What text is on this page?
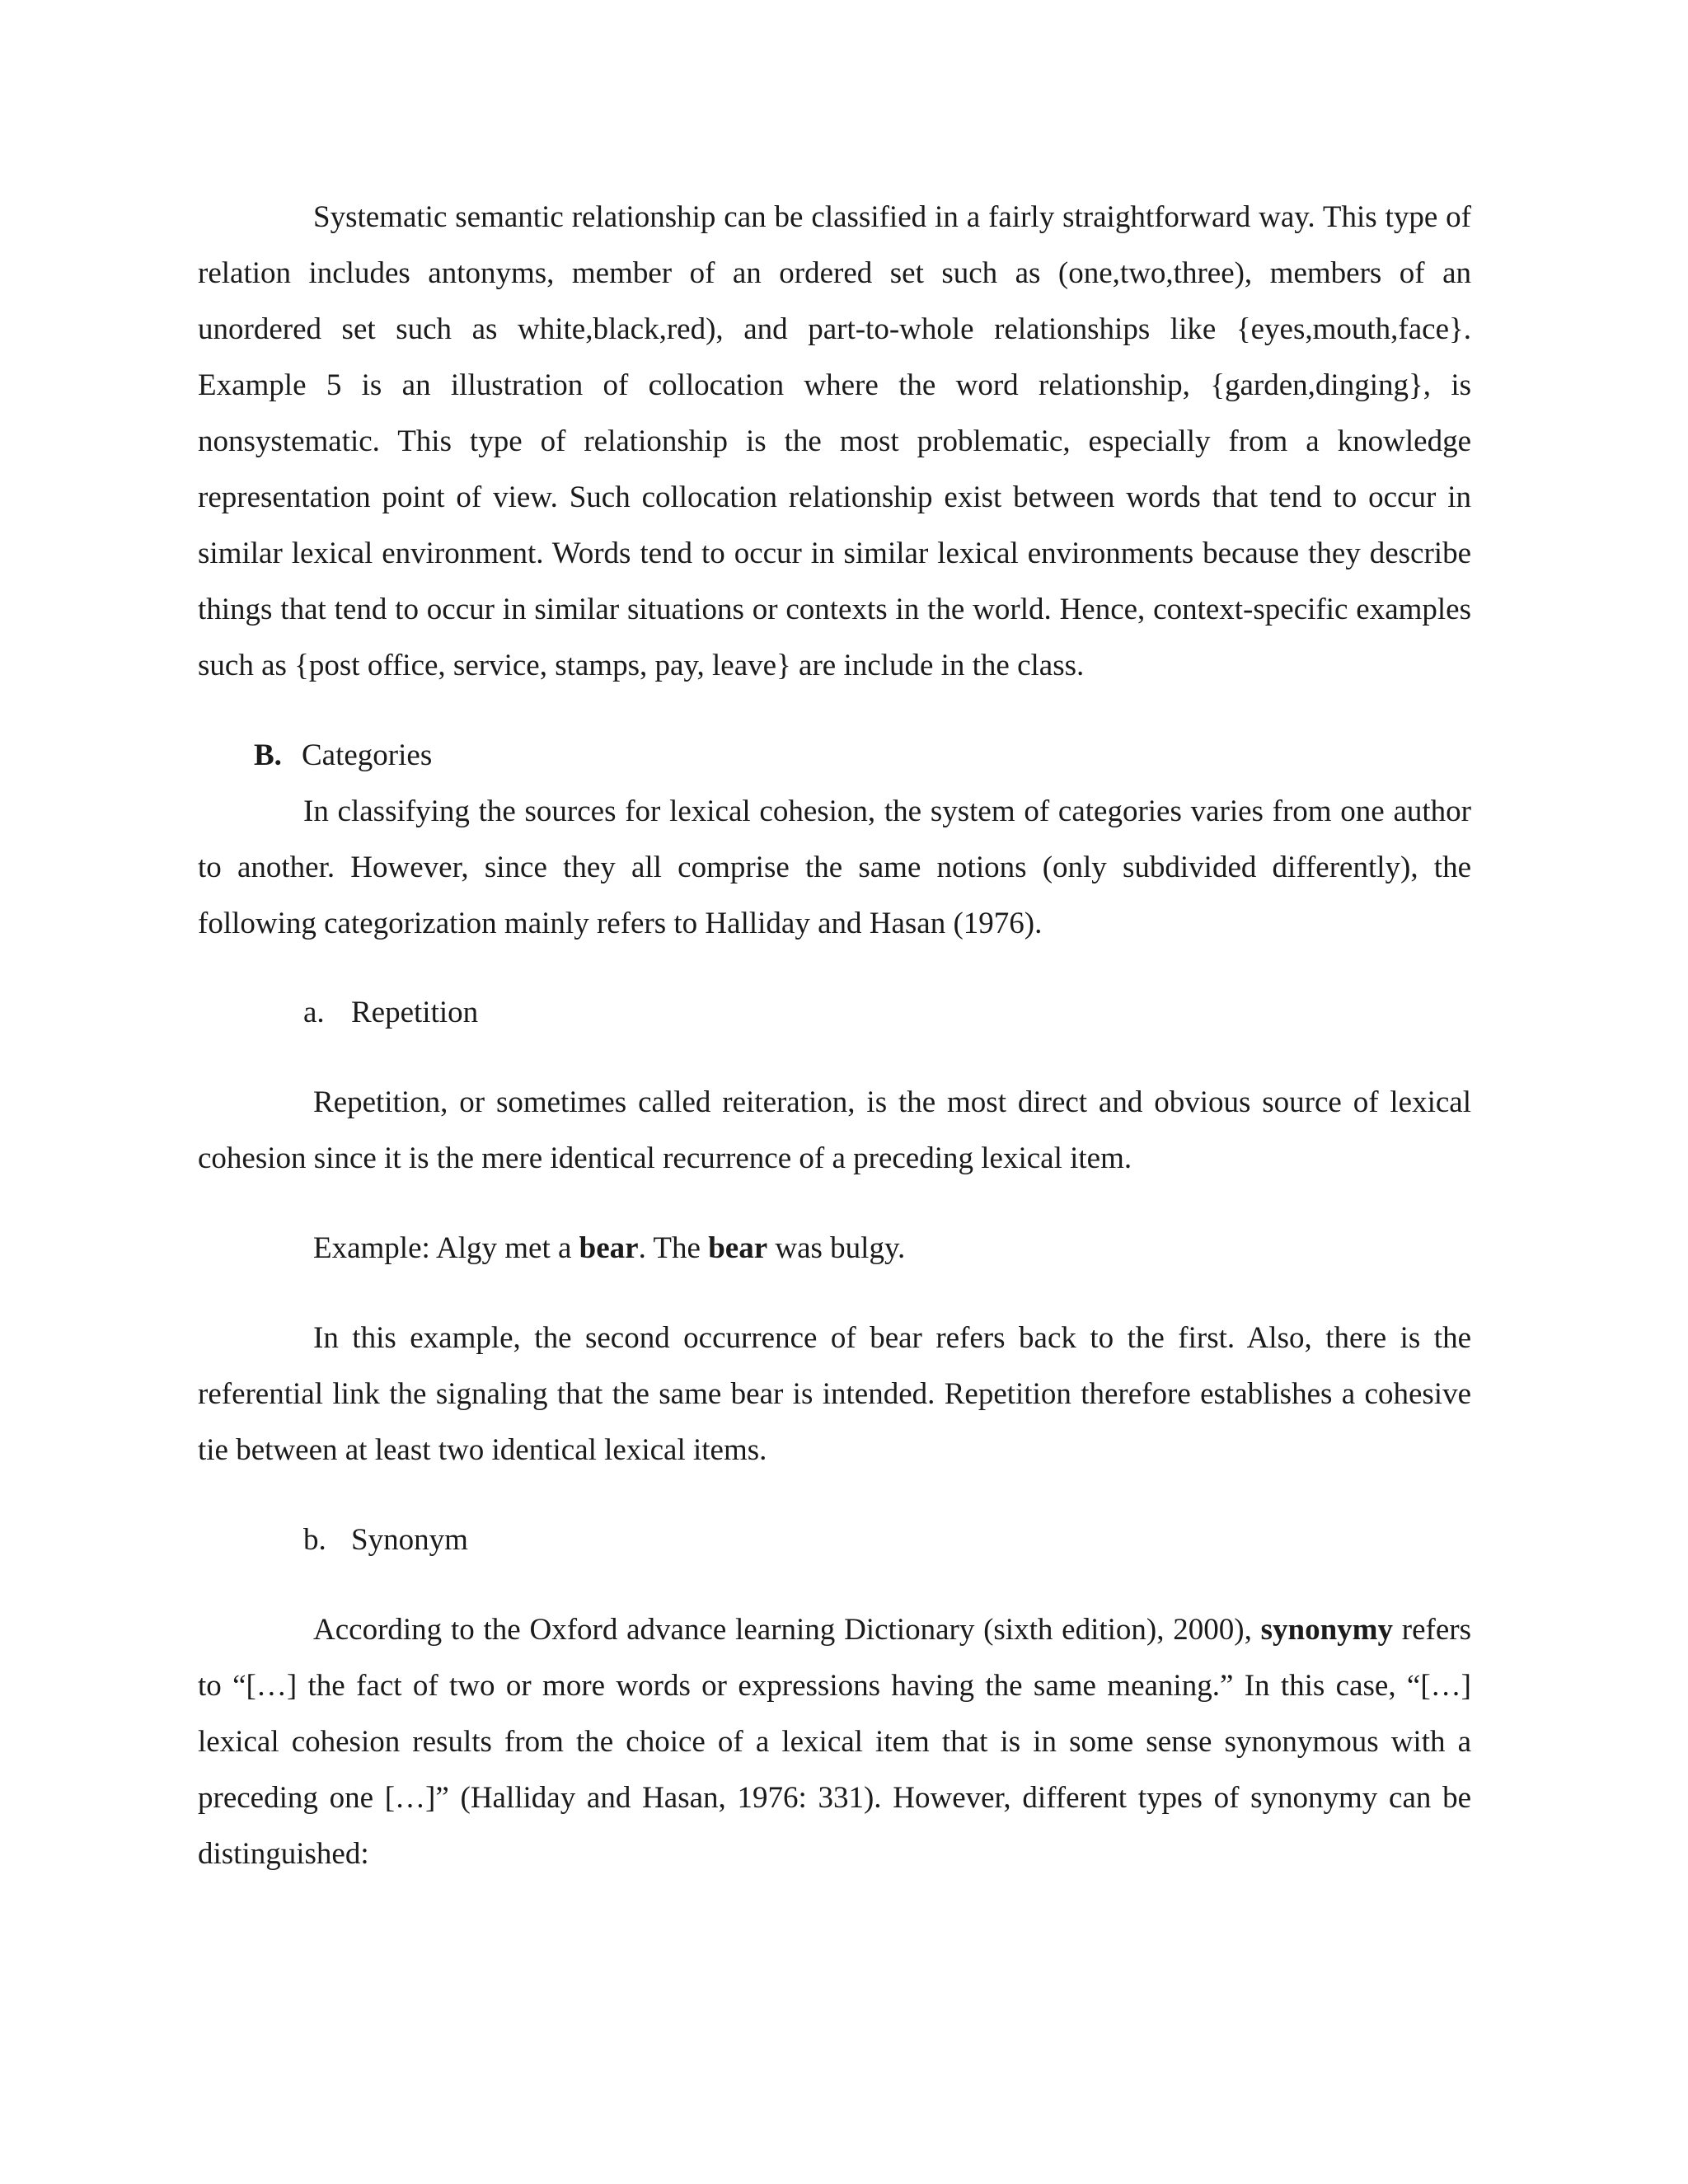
Systematic semantic relationship can be classified in a fairly straightforward way. This type of relation includes antonyms, member of an ordered set such as (one,two,three), members of an unordered set such as white,black,red), and part-to-whole relationships like {eyes,mouth,face}. Example 5 is an illustration of collocation where the word relationship, {garden,dinging}, is nonsystematic. This type of relationship is the most problematic, especially from a knowledge representation point of view. Such collocation relationship exist between words that tend to occur in similar lexical environment. Words tend to occur in similar lexical environments because they describe things that tend to occur in similar situations or contexts in the world. Hence, context-specific examples such as {post office, service, stamps, pay, leave} are include in the class.

B. Categories

In classifying the sources for lexical cohesion, the system of categories varies from one author to another. However, since they all comprise the same notions (only subdivided differently), the following categorization mainly refers to Halliday and Hasan (1976).

a. Repetition

Repetition, or sometimes called reiteration, is the most direct and obvious source of lexical cohesion since it is the mere identical recurrence of a preceding lexical item.

Example: Algy met a bear. The bear was bulgy.

In this example, the second occurrence of bear refers back to the first. Also, there is the referential link the signaling that the same bear is intended. Repetition therefore establishes a cohesive tie between at least two identical lexical items.

b. Synonym

According to the Oxford advance learning Dictionary (sixth edition), 2000), synonymy refers to “[…] the fact of two or more words or expressions having the same meaning.” In this case, “[…] lexical cohesion results from the choice of a lexical item that is in some sense synonymous with a preceding one […]” (Halliday and Hasan, 1976: 331). However, different types of synonymy can be distinguished:
